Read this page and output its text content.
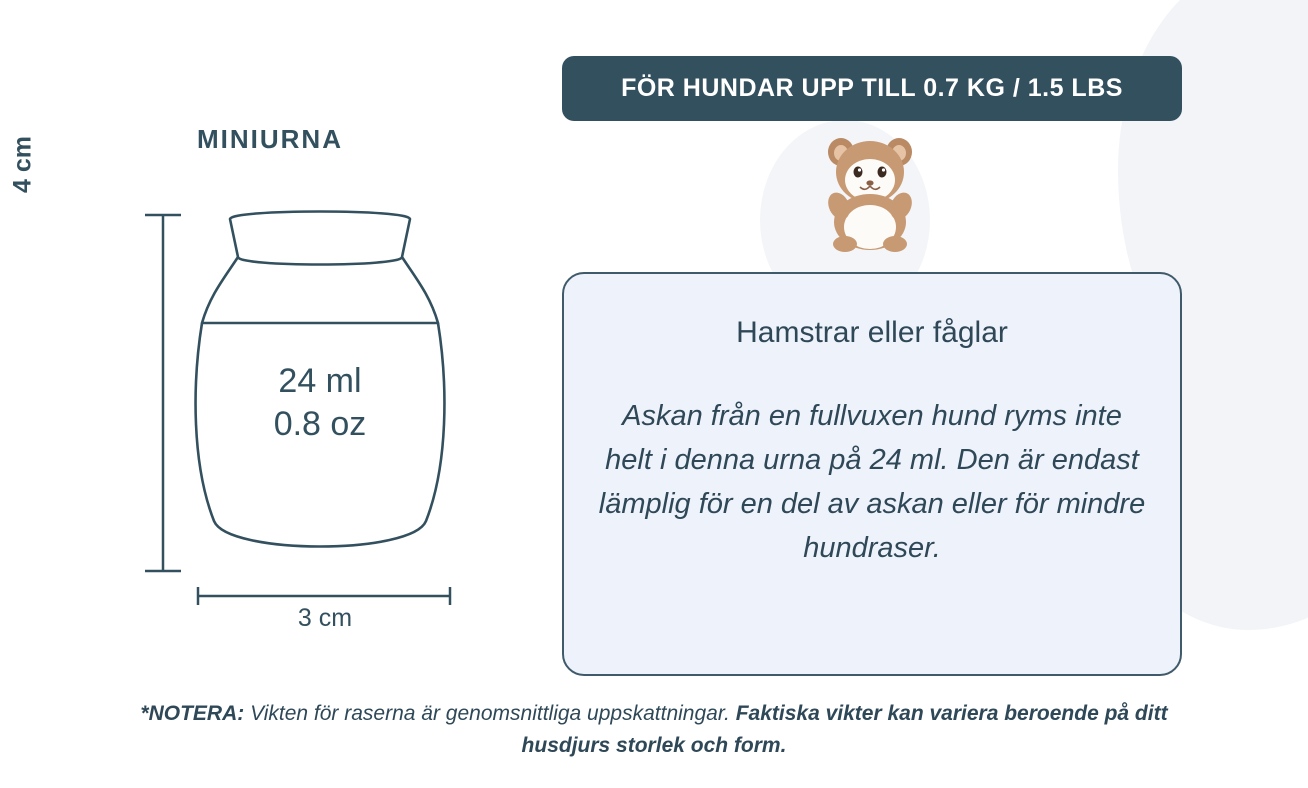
MINIURNA
4 cm
24 ml
0.8 oz
3 cm
FÖR HUNDAR UPP TILL 0.7 KG / 1.5 LBS

Hamstrar eller fåglar

Askan från en fullvuxen hund ryms inte helt i denna urna på 24 ml. Den är endast lämplig för en del av askan eller för mindre hundraser.

*NOTERA: Vikten för raserna är genomsnittliga uppskattningar. Faktiska vikter kan variera beroende på ditt husdjurs storlek och form.
